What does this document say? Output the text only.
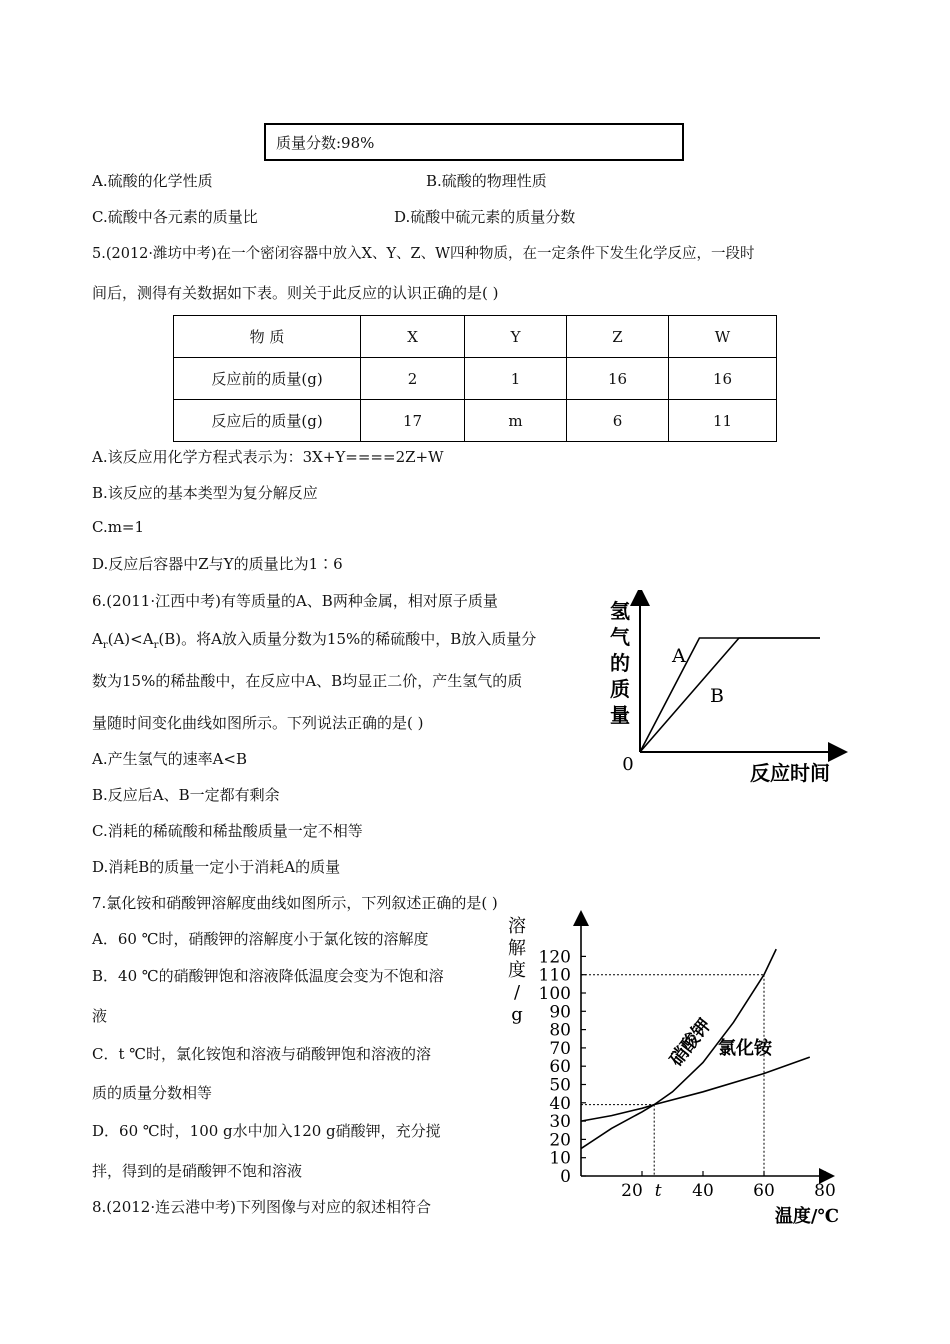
质量分数:98%
A.硫酸的化学性质	B.硫酸的物理性质
C.硫酸中各元素的质量比	D.硫酸中硫元素的质量分数
5.(2012·潍坊中考)在一个密闭容器中放入X、Y、Z、W四种物质，在一定条件下发生化学反应，一段时
间后，测得有关数据如下表。则关于此反应的认识正确的是( )
物 质	X	Y	Z	W
反应前的质量(g)	2	1	16	16
反应后的质量(g)	17	m	6	11
A.该反应用化学方程式表示为：3X+Y====2Z+W
B.该反应的基本类型为复分解反应
C.m=1
D.反应后容器中Z与Y的质量比为1∶6
6.(2011·江西中考)有等质量的A、B两种金属，相对原子质量
$A_r(A)<A_r(B)$。将A放入质量分数为15%的稀硫酸中，B放入质量分
数为15%的稀盐酸中，在反应中A、B均显正二价，产生氢气的质
量随时间变化曲线如图所示。下列说法正确的是( )
A.产生氢气的速率A<B
B.反应后A、B一定都有剩余
C.消耗的稀硫酸和稀盐酸质量一定不相等
D.消耗B的质量一定小于消耗A的质量
氢
气
的
质
量
0	反应时间
A
B
7.氯化铵和硝酸钾溶解度曲线如图所示，下列叙述正确的是( )
A．60 ℃时，硝酸钾的溶解度小于氯化铵的溶解度
B．40 ℃的硝酸钾饱和溶液降低温度会变为不饱和溶
液
C．t ℃时，氯化铵饱和溶液与硝酸钾饱和溶液的溶
质的质量分数相等
D．60 ℃时，100 g水中加入120 g硝酸钾，充分搅
拌，得到的是硝酸钾不饱和溶液
8.(2012·连云港中考)下列图像与对应的叙述相符合
溶
解
度
/
g
0
10
20
30
40
50
60
70
80
90
100
110
120
20	40 60 80
t
硝酸钾 氯化铵
温度/℃
